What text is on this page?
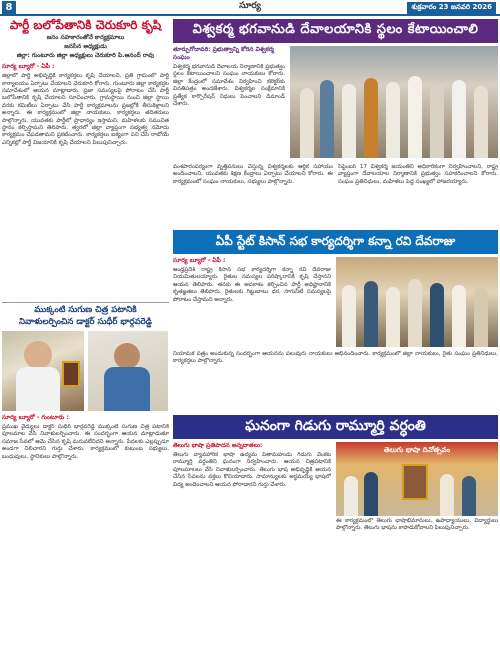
8	సూర్య	శుక్రవారం 23 జనవరి 2026
పార్టీ బలోపేతానికి చెరుకూరి కృషి
జనం సహకారంతోనే కార్యక్రమాలు
జనసేన అధ్యక్షుడు
జిల్లా: గుంటూరు జిల్లా అధ్యక్షులు చెరుకూరి పి.ఆనంద్ రావు
సూర్య బ్యూరో - ఏపీ :
జిల్లాలో పార్టీ అభివృద్ధికి కార్యకర్తలు కృషి చేయాలని, ప్రతి గ్రామంలో పార్టీ కార్యాలయం ఏర్పాటు చేయాలని చెరుకూరి కోరారు. గుంటూరు జిల్లా కార్యకర్తల సమావేశంలో ఆయన మాట్లాడారు. ప్రజా సమస్యలపై పోరాటం చేసి పార్టీ బలోపేతానికి కృషి చేయాలని సూచించారు. గ్రామస్థాయి నుంచి జిల్లా స్థాయి వరకు కమిటీలు ఏర్పాటు చేసి పార్టీ కార్యక్రమాలను ప్రజల్లోకి తీసుకెళ్లాలని అన్నారు. ఈ కార్యక్రమంలో జిల్లా నాయకులు, కార్యకర్తలు తదితరులు పాల్గొన్నారు. యువతకు పార్టీలో ప్రాధాన్యం ఇస్తామని, మహిళలకు సముచిత స్థానం కల్పిస్తామని తెలిపారు. త్వరలో జిల్లా వ్యాప్తంగా సభ్యత్వ నమోదు కార్యక్రమం చేపడతామని ప్రకటించారు. కార్యకర్తలు ఐక్యంగా పని చేసి రాబోయే ఎన్నికల్లో పార్టీ విజయానికి కృషి చేయాలని పిలుపునిచ్చారు.
ముక్కంటి సుగుణ చిత్ర పటానికి
నివాళులర్పించిన డాక్టర్ సుధీర్ భార్గవరెడ్డి
సూర్య బ్యూరో - గుంటూరు :
ప్రముఖ వైద్యులు డాక్టర్ సుధీర్ భార్గవరెడ్డి ముక్కంటి సుగుణ చిత్ర పటానికి పూలమాల వేసి నివాళులర్పించారు. ఈ సందర్భంగా ఆయన మాట్లాడుతూ సమాజ సేవలో ఆమె చేసిన కృషి మరువలేనిదని అన్నారు. పేదలకు ఎల్లప్పుడూ అండగా నిలిచారని గుర్తు చేశారు. కార్యక్రమంలో కుటుంబ సభ్యులు, బంధువులు, స్థానికులు పాల్గొన్నారు.
విశ్వకర్మ భగవానుడి దేవాలయానికి స్థలం కేటాయించాలి
తూర్పుగోదావరి: ప్రభుత్వాన్ని కోరిన విశ్వకర్మ సంఘం
విశ్వకర్మ భగవానుడి దేవాలయ నిర్మాణానికి ప్రభుత్వం స్థలం కేటాయించాలని సంఘం నాయకులు కోరారు. జిల్లా కేంద్రంలో సమావేశం నిర్వహించి కలెక్టర్‌కు వినతిపత్రం అందజేశారు. విశ్వకర్మల సంక్షేమానికి ప్రత్యేక కార్పొరేషన్ నిధులు పెంచాలని డిమాండ్ చేశారు.
వంశపారంపర్యంగా వృత్తిపనులు చేస్తున్న విశ్వకర్మలకు ఆర్థిక సహాయం అందించాలని, యువతకు శిక్షణ కేంద్రాలు ఏర్పాటు చేయాలని కోరారు. ఈ కార్యక్రమంలో సంఘం నాయకులు, సభ్యులు పాల్గొన్నారు.
సెప్టెంబర్ 17 విశ్వకర్మ జయంతిని అధికారికంగా నిర్వహించాలని, రాష్ట్ర వ్యాప్తంగా దేవాలయాల నిర్మాణానికి ప్రభుత్వం సహకరించాలని కోరారు. సంఘం ప్రతినిధులు, మహిళలు పెద్ద సంఖ్యలో హాజరయ్యారు.
ఏపీ స్టేట్ కిసాన్ సభ కార్యదర్శిగా కన్నా రవి దేవరాజు
సూర్య బ్యూరో - ఏపీ :
ఆంధ్రప్రదేశ్ రాష్ట్ర కిసాన్ సభ కార్యదర్శిగా కన్నా రవి దేవరాజు నియమితులయ్యారు. రైతుల సమస్యల పరిష్కారానికి కృషి చేస్తానని ఆయన తెలిపారు. తనకు ఈ అవకాశం కల్పించిన పార్టీ అధిష్టానానికి కృతజ్ఞతలు తెలిపారు. రైతులకు గిట్టుబాటు ధర, సాగునీటి సమస్యలపై పోరాటం చేస్తామని అన్నారు.
నియామక పత్రం అందుకున్న సందర్భంగా ఆయనను పలువురు నాయకులు అభినందించారు. కార్యక్రమంలో జిల్లా నాయకులు, రైతు సంఘం ప్రతినిధులు, కార్యకర్తలు పాల్గొన్నారు.
ఘనంగా గిడుగు రామ్మూర్తి వర్ధంతి
తెలుగు భాషా ప్రతిపాదన అన్నదాతలు:
తెలుగు వ్యావహారిక భాషా ఉద్యమ పితామహుడు గిడుగు వెంకట రామ్మూర్తి వర్ధంతిని ఘనంగా నిర్వహించారు. ఆయన చిత్రపటానికి పూలమాలలు వేసి నివాళులర్పించారు. తెలుగు భాష అభివృద్ధికి ఆయన చేసిన సేవలను వక్తలు కొనియాడారు. సామాన్యులకు అర్థమయ్యే భాషలో విద్య అందించాలని ఆయన పోరాడారని గుర్తు చేశారు.
తెలుగు భాషా దినోత్సవం
ఈ కార్యక్రమంలో తెలుగు భాషాభిమానులు, ఉపాధ్యాయులు, విద్యార్థులు పాల్గొన్నారు. తెలుగు భాషను కాపాడుకోవాలని పిలుపునిచ్చారు.
